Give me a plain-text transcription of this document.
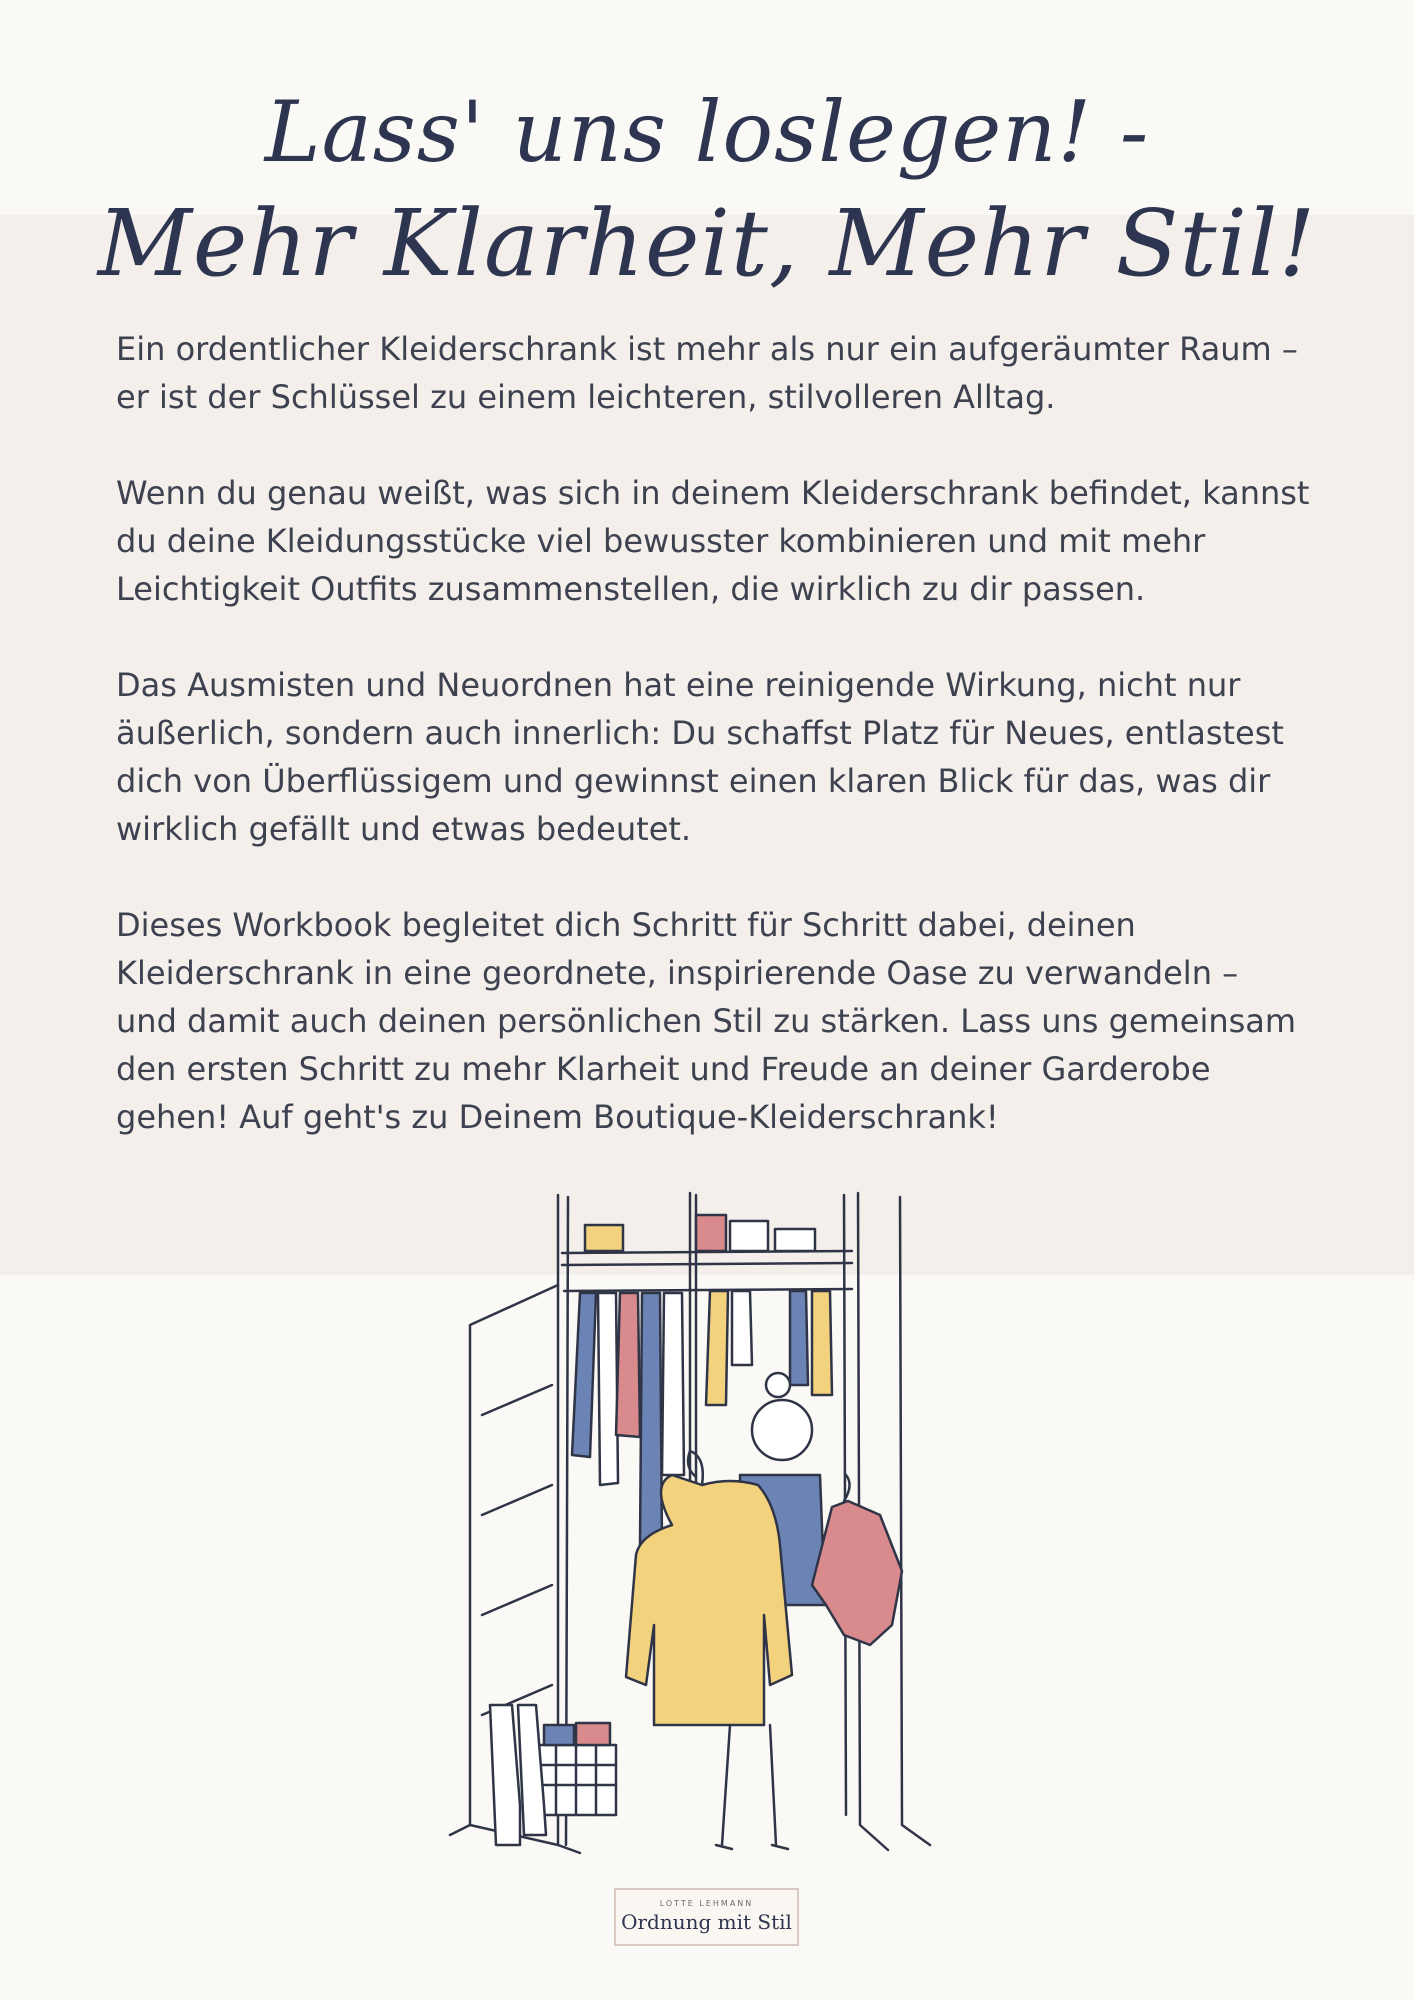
Lass' uns loslegen! -
Mehr Klarheit, Mehr Stil!

Ein ordentlicher Kleiderschrank ist mehr als nur ein aufgeräumter Raum –
er ist der Schlüssel zu einem leichteren, stilvolleren Alltag.

Wenn du genau weißt, was sich in deinem Kleiderschrank befindet, kannst
du deine Kleidungsstücke viel bewusster kombinieren und mit mehr
Leichtigkeit Outfits zusammenstellen, die wirklich zu dir passen.

Das Ausmisten und Neuordnen hat eine reinigende Wirkung, nicht nur
äußerlich, sondern auch innerlich: Du schaffst Platz für Neues, entlastest
dich von Überflüssigem und gewinnst einen klaren Blick für das, was dir
wirklich gefällt und etwas bedeutet.

Dieses Workbook begleitet dich Schritt für Schritt dabei, deinen
Kleiderschrank in eine geordnete, inspirierende Oase zu verwandeln –
und damit auch deinen persönlichen Stil zu stärken. Lass uns gemeinsam
den ersten Schritt zu mehr Klarheit und Freude an deiner Garderobe
gehen! Auf geht's zu Deinem Boutique-Kleiderschrank!

LOTTE LEHMANN
Ordnung mit Stil
